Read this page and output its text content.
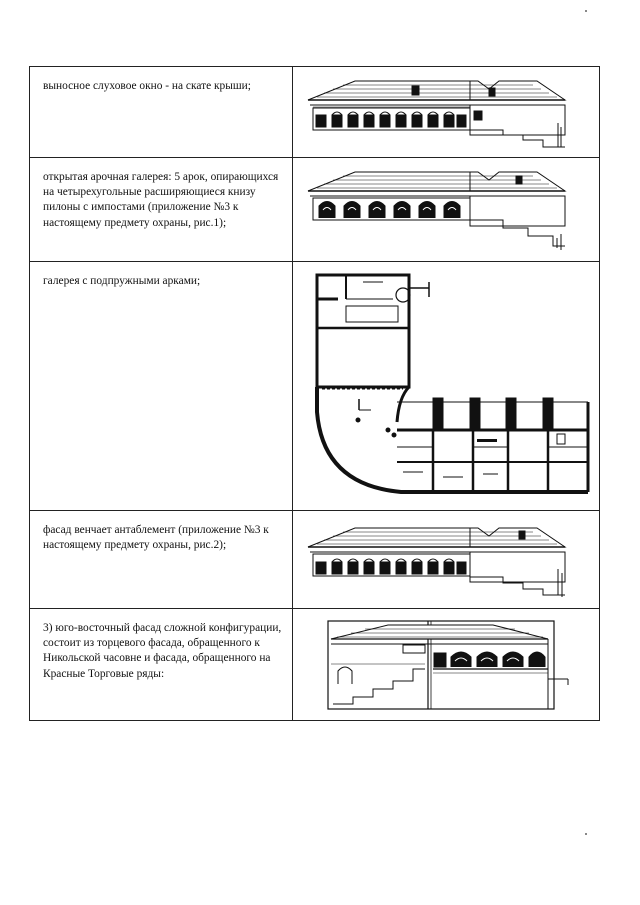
выносное слуховое окно - на скате крыши;

открытая арочная галерея: 5 арок, опирающихся на четырехугольные расширяющиеся книзу пилоны с импостами (приложение №3 к настоящему предмету охраны, рис.1);

галерея с подпружными арками;

фасад венчает антаблемент (приложение №3 к настоящему предмету охраны, рис.2);

3) юго-восточный фасад сложной конфигурации, состоит из торцевого фасада, обращенного к Никольской часовне и фасада, обращенного на Красные Торговые ряды:
